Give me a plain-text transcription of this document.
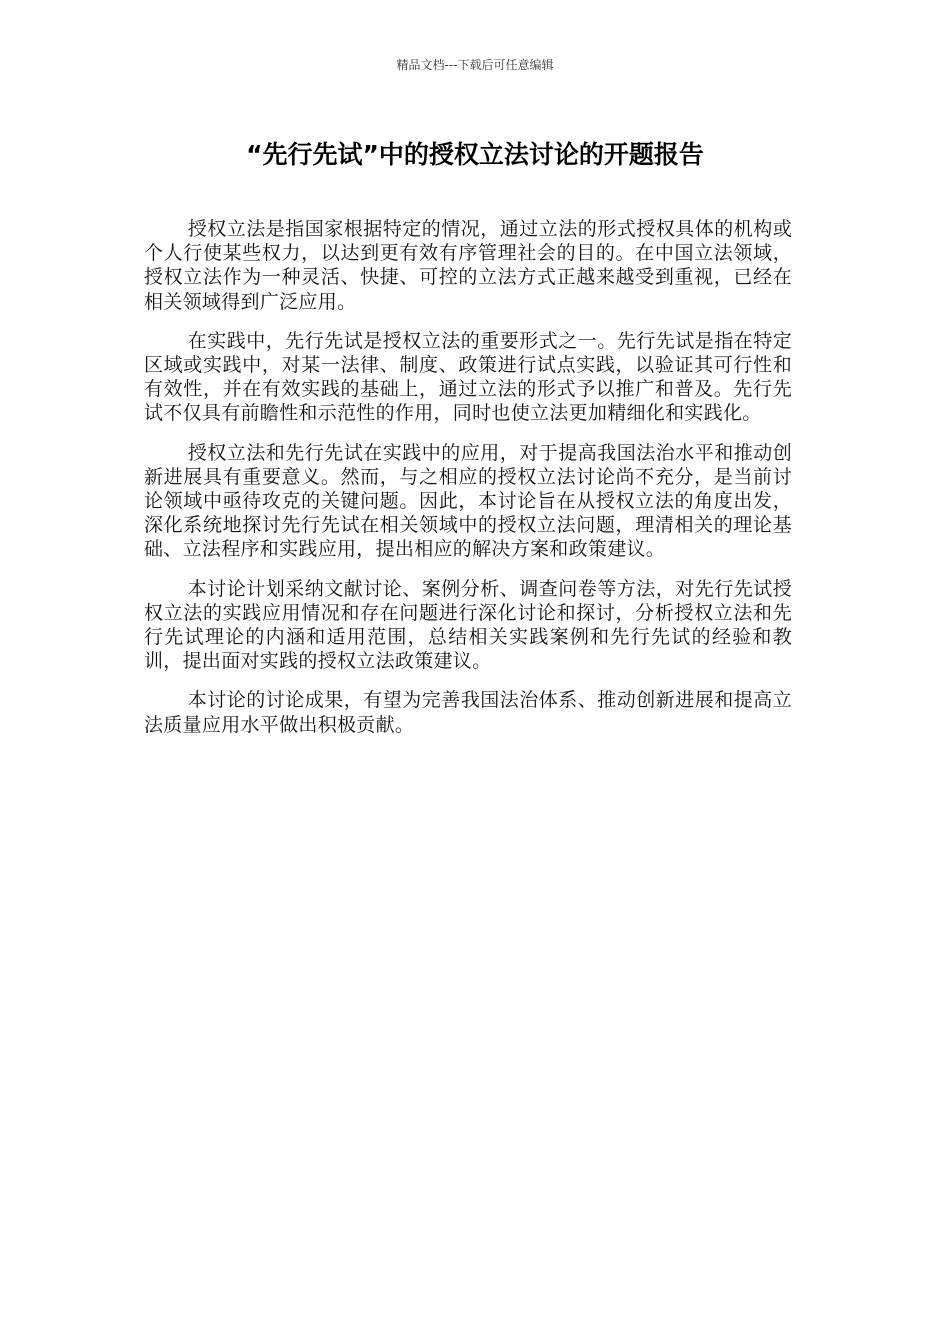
精品文档---下载后可任意编辑
“先行先试”中的授权立法讨论的开题报告

授权立法是指国家根据特定的情况，通过立法的形式授权具体的机构或个人行使某些权力，以达到更有效有序管理社会的目的。在中国立法领域，授权立法作为一种灵活、快捷、可控的立法方式正越来越受到重视，已经在相关领域得到广泛应用。

在实践中，先行先试是授权立法的重要形式之一。先行先试是指在特定区域或实践中，对某一法律、制度、政策进行试点实践，以验证其可行性和有效性，并在有效实践的基础上，通过立法的形式予以推广和普及。先行先试不仅具有前瞻性和示范性的作用，同时也使立法更加精细化和实践化。

授权立法和先行先试在实践中的应用，对于提高我国法治水平和推动创新进展具有重要意义。然而，与之相应的授权立法讨论尚不充分，是当前讨论领域中亟待攻克的关键问题。因此，本讨论旨在从授权立法的角度出发，深化系统地探讨先行先试在相关领域中的授权立法问题，理清相关的理论基础、立法程序和实践应用，提出相应的解决方案和政策建议。

本讨论计划采纳文献讨论、案例分析、调查问卷等方法，对先行先试授权立法的实践应用情况和存在问题进行深化讨论和探讨，分析授权立法和先行先试理论的内涵和适用范围，总结相关实践案例和先行先试的经验和教训，提出面对实践的授权立法政策建议。

本讨论的讨论成果，有望为完善我国法治体系、推动创新进展和提高立法质量应用水平做出积极贡献。
